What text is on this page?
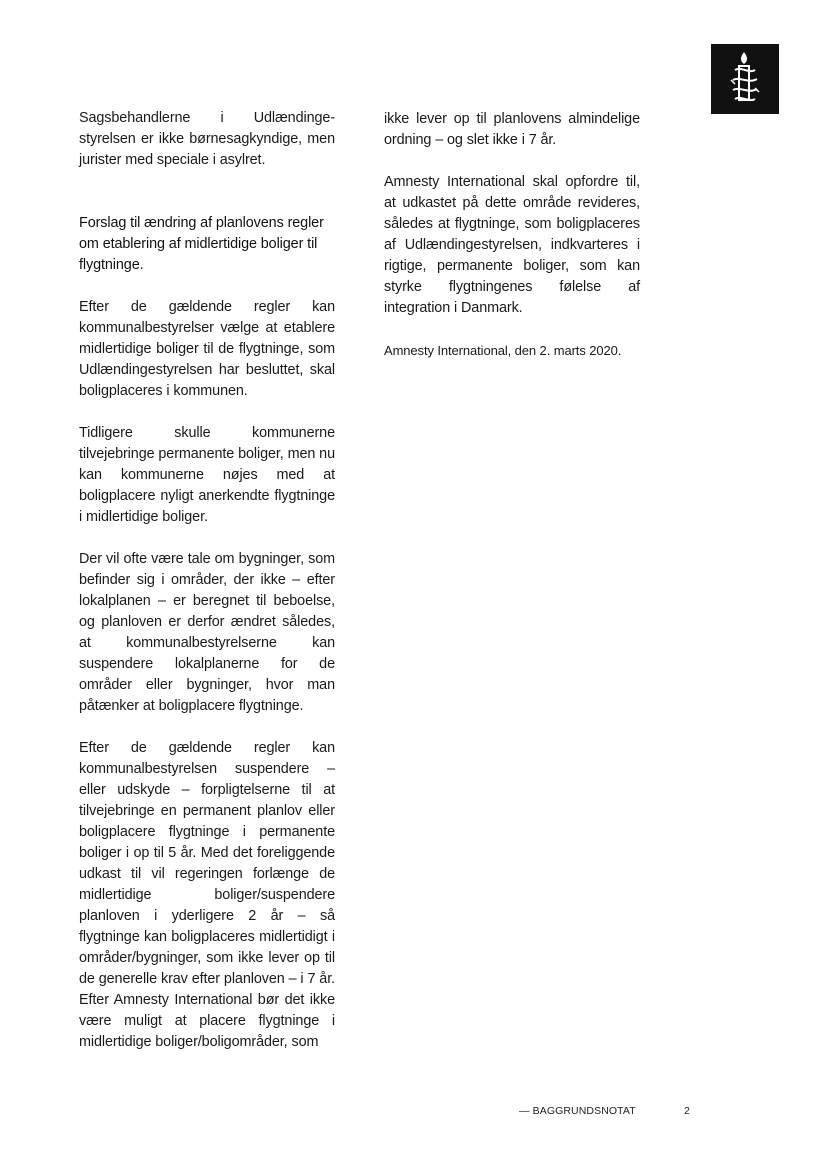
Sagsbehandlerne i Udlændinge-styrelsen er ikke børnesagkyndige, men jurister med speciale i asylret.

Forslag til ændring af planlovens regler om etablering af midlertidige boliger til flygtninge.

Efter de gældende regler kan kommunalbestyrelser vælge at etablere midlertidige boliger til de flygtninge, som Udlændingestyrelsen har besluttet, skal boligplaceres i kommunen.

Tidligere skulle kommunerne tilvejebringe permanente boliger, men nu kan kommunerne nøjes med at boligplacere nyligt anerkendte flygtninge i midlertidige boliger.

Der vil ofte være tale om bygninger, som befinder sig i områder, der ikke – efter lokalplanen – er beregnet til beboelse, og planloven er derfor ændret således, at kommunalbestyrelserne kan suspendere lokalplanerne for de områder eller bygninger, hvor man påtænker at boligplacere flygtninge.

Efter de gældende regler kan kommunalbestyrelsen suspendere – eller udskyde – forpligtelserne til at tilvejebringe en permanent planlov eller boligplacere flygtninge i permanente boliger i op til 5 år. Med det foreliggende udkast til vil regeringen forlænge de midlertidige boliger/suspendere planloven i yderligere 2 år – så flygtninge kan boligplaceres midlertidigt i områder/bygninger, som ikke lever op til de generelle krav efter planloven – i 7 år. Efter Amnesty International bør det ikke være muligt at placere flygtninge i midlertidige boliger/boligområder, som

ikke lever op til planlovens almindelige ordning – og slet ikke i 7 år.

Amnesty International skal opfordre til, at udkastet på dette område revideres, således at flygtninge, som boligplaceres af Udlændingestyrelsen, indkvarteres i rigtige, permanente boliger, som kan styrke flygtningenes følelse af integration i Danmark.

Amnesty International, den 2. marts 2020.

— BAGGRUNDSNOTAT	2
